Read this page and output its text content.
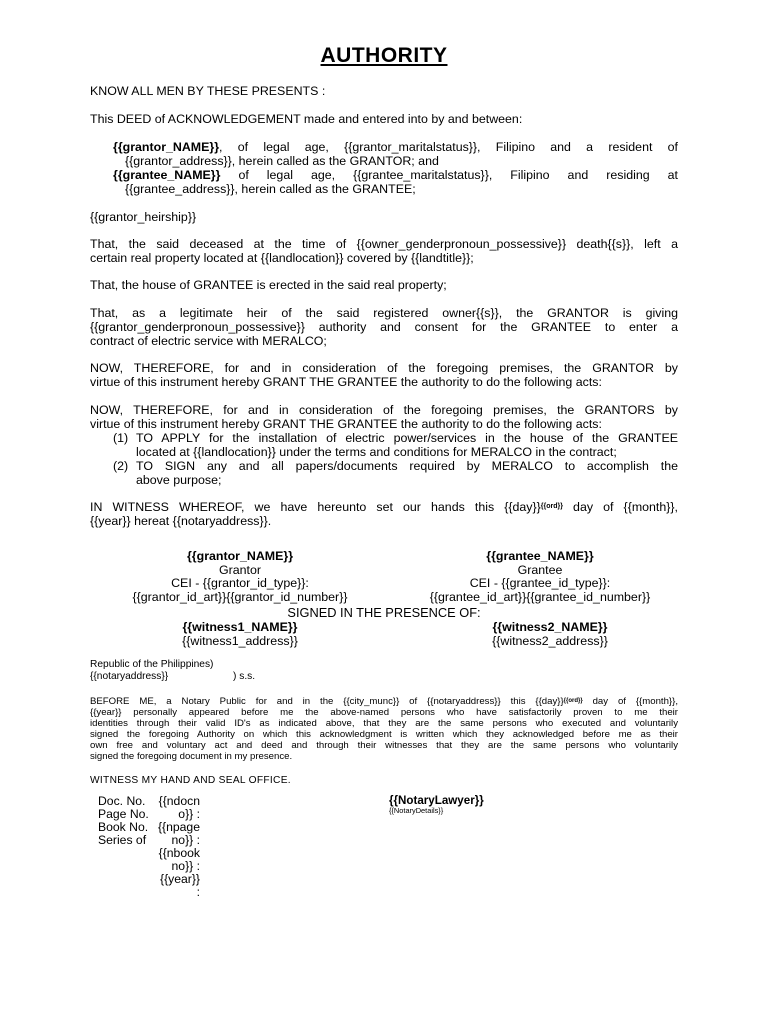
AUTHORITY
KNOW ALL MEN BY THESE PRESENTS :
This DEED of ACKNOWLEDGEMENT made and entered into by and between:
{{grantor_NAME}}, of legal age, {{grantor_maritalstatus}}, Filipino and a resident of
{{grantor_address}}, herein called as the GRANTOR; and
{{grantee_NAME}} of legal age, {{grantee_maritalstatus}}, Filipino and residing at
{{grantee_address}}, herein called as the GRANTEE;
{{grantor_heirship}}
That, the said deceased at the time of {{owner_genderpronoun_possessive}} death{{s}}, left a
certain real property located at {{landlocation}} covered by {{landtitle}};
That, the house of GRANTEE is erected in the said real property;
That, as a legitimate heir of the said registered owner{{s}}, the GRANTOR is giving
{{grantor_genderpronoun_possessive}} authority and consent for the GRANTEE to enter a
contract of electric service with MERALCO;
NOW, THEREFORE, for and in consideration of the foregoing premises, the GRANTOR by
virtue of this instrument hereby GRANT THE GRANTEE the authority to do the following acts:
NOW, THEREFORE, for and in consideration of the foregoing premises, the GRANTORS by
virtue of this instrument hereby GRANT THE GRANTEE the authority to do the following acts:
(1) TO APPLY for the installation of electric power/services in the house of the GRANTEE
located at {{landlocation}} under the terms and conditions for MERALCO in the contract;
(2) TO SIGN any and all papers/documents required by MERALCO to accomplish the
above purpose;
IN WITNESS WHEREOF, we have hereunto set our hands this $\{\{day\}\}^{\{\{ord\}\}}$ day of {{month}},
{{year}} hereat {{notaryaddress}}.
{{grantor_NAME}}
Grantor
CEI - {{grantor_id_type}}:
{{grantor_id_art}}{{grantor_id_number}}
{{grantee_NAME}}
Grantee
CEI - {{grantee_id_type}}:
{{grantee_id_art}}{{grantee_id_number}}
SIGNED IN THE PRESENCE OF:
{{witness1_NAME}}
{{witness1_address}}
{{witness2_NAME}}
{{witness2_address}}
Republic of the Philippines)
{{notaryaddress}}	) s.s.
BEFORE ME, a Notary Public for and in the {{city_munc}} of {{notaryaddress}} this $\{\{day\}\}^{\{\{ord\}\}}$ day of {{month}},
{{year}} personally appeared before me the above-named persons who have satisfactorily proven to me their
identities through their valid ID's as indicated above, that they are the same persons who executed and voluntarily
signed the foregoing Authority on which this acknowledgment is written which they acknowledged before me as their
own free and voluntary act and deed and through their witnesses that they are the same persons who voluntarily
signed the foregoing document in my presence.
WITNESS MY HAND AND SEAL OFFICE.
Doc. No.
Page No.
Book No.
Series of
{{ndocn
o}} :
{{npage
no}} :
{{nbook
no}} :
{{year}}
:
{{NotaryLawyer}}
{{NotaryDetails}}
